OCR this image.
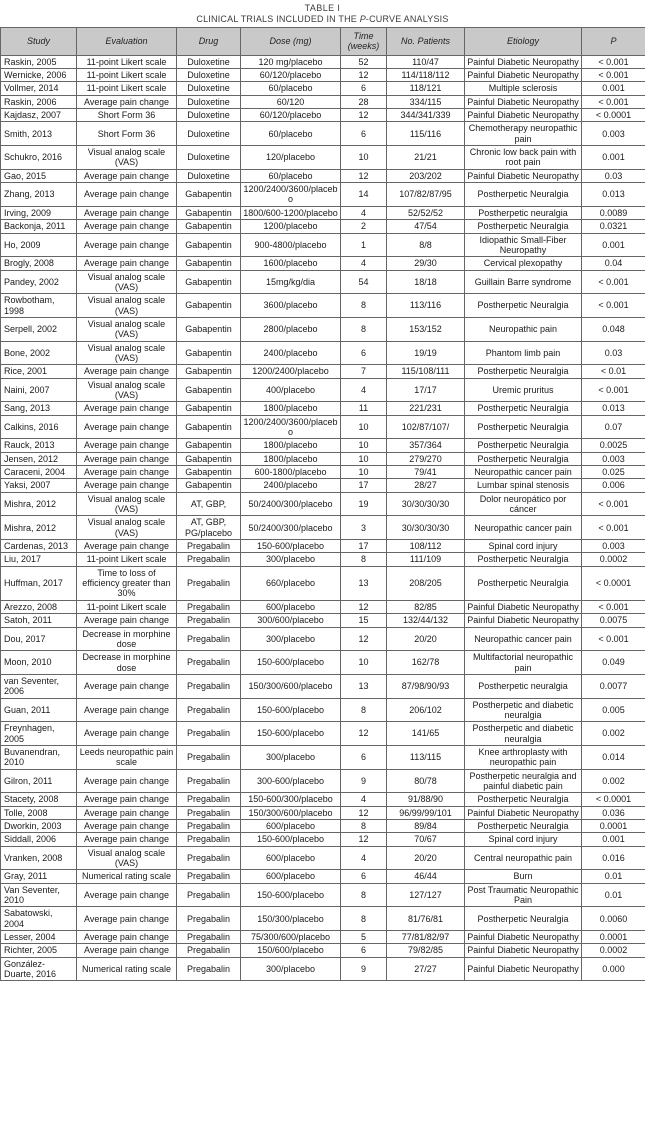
TABLE I
CLINICAL TRIALS INCLUDED IN THE P-CURVE ANALYSIS
Study	Evaluation	Drug	Dose (mg)	Time (weeks)	No. Patients	Etiology	P
Raskin, 2005	11-point Likert scale	Duloxetine	120 mg/placebo	52	110/47	Painful Diabetic Neuropathy	< 0.001
Wernicke, 2006	11-point Likert scale	Duloxetine	60/120/placebo	12	114/118/112	Painful Diabetic Neuropathy	< 0.001
Vollmer, 2014	11-point Likert scale	Duloxetine	60/placebo	6	118/121	Multiple sclerosis	0.001
Raskin, 2006	Average pain change	Duloxetine	60/120	28	334/115	Painful Diabetic Neuropathy	< 0.001
Kajdasz, 2007	Short Form 36	Duloxetine	60/120/placebo	12	344/341/339	Painful Diabetic Neuropathy	< 0.0001
Smith, 2013	Short Form 36	Duloxetine	60/placebo	6	115/116	Chemotherapy neuropathic pain	0.003
Schukro, 2016	Visual analog scale (VAS)	Duloxetine	120/placebo	10	21/21	Chronic low back pain with root pain	0.001
Gao, 2015	Average pain change	Duloxetine	60/placebo	12	203/202	Painful Diabetic Neuropathy	0.03
Zhang, 2013	Average pain change	Gabapentin	1200/2400/3600/placebo	14	107/82/87/95	Postherpetic Neuralgia	0.013
Irving, 2009	Average pain change	Gabapentin	1800/600-1200/placebo	4	52/52/52	Postherpetic neuralgia	0.0089
Backonja, 2011	Average pain change	Gabapentin	1200/placebo	2	47/54	Postherpetic Neuralgia	0.0321
Ho, 2009	Average pain change	Gabapentin	900-4800/placebo	1	8/8	Idiopathic Small-Fiber Neuropathy	0.001
Brogly, 2008	Average pain change	Gabapentin	1600/placebo	4	29/30	Cervical plexopathy	0.04
Pandey, 2002	Visual analog scale (VAS)	Gabapentin	15mg/kg/dia	54	18/18	Guillain Barre syndrome	< 0.001
Rowbotham, 1998	Visual analog scale (VAS)	Gabapentin	3600/placebo	8	113/116	Postherpetic Neuralgia	< 0.001
Serpell, 2002	Visual analog scale (VAS)	Gabapentin	2800/placebo	8	153/152	Neuropathic pain	0.048
Bone, 2002	Visual analog scale (VAS)	Gabapentin	2400/placebo	6	19/19	Phantom limb pain	0.03
Rice, 2001	Average pain change	Gabapentin	1200/2400/placebo	7	115/108/111	Postherpetic Neuralgia	< 0.01
Naini, 2007	Visual analog scale (VAS)	Gabapentin	400/placebo	4	17/17	Uremic pruritus	< 0.001
Sang, 2013	Average pain change	Gabapentin	1800/placebo	11	221/231	Postherpetic Neuralgia	0.013
Calkins, 2016	Average pain change	Gabapentin	1200/2400/3600/placebo	10	102/87/107/	Postherpetic Neuralgia	0.07
Rauck, 2013	Average pain change	Gabapentin	1800/placebo	10	357/364	Postherpetic Neuralgia	0.0025
Jensen, 2012	Average pain change	Gabapentin	1800/placebo	10	279/270	Postherpetic Neuralgia	0.003
Caraceni, 2004	Average pain change	Gabapentin	600-1800/placebo	10	79/41	Neuropathic cancer pain	0.025
Yaksi, 2007	Average pain change	Gabapentin	2400/placebo	17	28/27	Lumbar spinal stenosis	0.006
Mishra, 2012	Visual analog scale (VAS)	AT, GBP,	50/2400/300/placebo	19	30/30/30/30	Dolor neuropático por cáncer	< 0.001
Mishra, 2012	Visual analog scale (VAS)	AT, GBP, PG/placebo	50/2400/300/placebo	3	30/30/30/30	Neuropathic cancer pain	< 0.001
Cardenas, 2013	Average pain change	Pregabalin	150-600/placebo	17	108/112	Spinal cord injury	0.003
Liu, 2017	11-point Likert scale	Pregabalin	300/placebo	8	111/109	Postherpetic Neuralgia	0.0002
Huffman, 2017	Time to loss of efficiency greater than 30%	Pregabalin	660/placebo	13	208/205	Postherpetic Neuralgia	< 0.0001
Arezzo, 2008	11-point Likert scale	Pregabalin	600/placebo	12	82/85	Painful Diabetic Neuropathy	< 0.001
Satoh, 2011	Average pain change	Pregabalin	300/600/placebo	15	132/44/132	Painful Diabetic Neuropathy	0.0075
Dou, 2017	Decrease in morphine dose	Pregabalin	300/placebo	12	20/20	Neuropathic cancer pain	< 0.001
Moon, 2010	Decrease in morphine dose	Pregabalin	150-600/placebo	10	162/78	Multifactorial neuropathic pain	0.049
van Seventer, 2006	Average pain change	Pregabalin	150/300/600/placebo	13	87/98/90/93	Postherpetic neuralgia	0.0077
Guan, 2011	Average pain change	Pregabalin	150-600/placebo	8	206/102	Postherpetic and diabetic neuralgia	0.005
Freynhagen, 2005	Average pain change	Pregabalin	150-600/placebo	12	141/65	Postherpetic and diabetic neuralgia	0.002
Buvanendran, 2010	Leeds neuropathic pain scale	Pregabalin	300/placebo	6	113/115	Knee arthroplasty with neuropathic pain	0.014
Gilron, 2011	Average pain change	Pregabalin	300-600/placebo	9	80/78	Postherpetic neuralgia and painful diabetic pain	0.002
Stacety, 2008	Average pain change	Pregabalin	150-600/300/placebo	4	91/88/90	Postherpetic Neuralgia	< 0.0001
Tolle, 2008	Average pain change	Pregabalin	150/300/600/placebo	12	96/99/99/101	Painful Diabetic Neuropathy	0.036
Dworkin, 2003	Average pain change	Pregabalin	600/placebo	8	89/84	Postherpetic Neuralgia	0.0001
Siddall, 2006	Average pain change	Pregabalin	150-600/placebo	12	70/67	Spinal cord injury	0.001
Vranken, 2008	Visual analog scale (VAS)	Pregabalin	600/placebo	4	20/20	Central neuropathic pain	0.016
Gray, 2011	Numerical rating scale	Pregabalin	600/placebo	6	46/44	Burn	0.01
Van Seventer, 2010	Average pain change	Pregabalin	150-600/placebo	8	127/127	Post Traumatic Neuropathic Pain	0.01
Sabatowski, 2004	Average pain change	Pregabalin	150/300/placebo	8	81/76/81	Postherpetic Neuralgia	0.0060
Lesser, 2004	Average pain change	Pregabalin	75/300/600/placebo	5	77/81/82/97	Painful Diabetic Neuropathy	0.0001
Richter, 2005	Average pain change	Pregabalin	150/600/placebo	6	79/82/85	Painful Diabetic Neuropathy	0.0002
González-Duarte, 2016	Numerical rating scale	Pregabalin	300/placebo	9	27/27	Painful Diabetic Neuropathy	0.000
